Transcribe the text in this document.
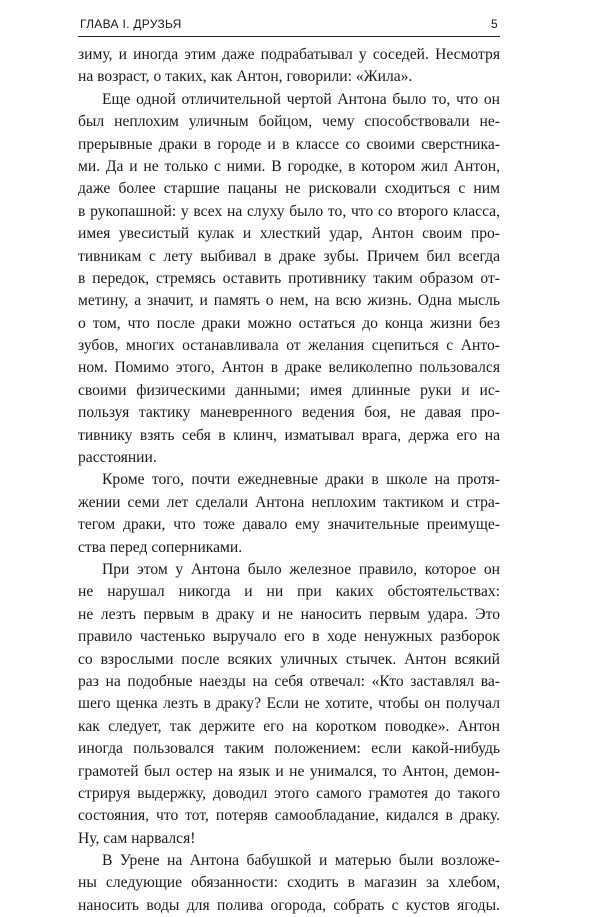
ГЛАВА I. ДРУЗЬЯ	5
зиму, и иногда этим даже подрабатывал у соседей. Несмотря
на возраст, о таких, как Антон, говорили: «Жила».
Еще одной отличительной чертой Антона было то, что он
был неплохим уличным бойцом, чему способствовали не-
прерывные драки в городе и в классе со своими сверстника-
ми. Да и не только с ними. В городке, в котором жил Антон,
даже более старшие пацаны не рисковали сходиться с ним
в рукопашной: у всех на слуху было то, что со второго класса,
имея увесистый кулак и хлесткий удар, Антон своим про-
тивникам с лету выбивал в драке зубы. Причем бил всегда
в передок, стремясь оставить противнику таким образом от-
метину, а значит, и память о нем, на всю жизнь. Одна мысль
о том, что после драки можно остаться до конца жизни без
зубов, многих останавливала от желания сцепиться с Анто-
ном. Помимо этого, Антон в драке великолепно пользовался
своими физическими данными; имея длинные руки и ис-
пользуя тактику маневренного ведения боя, не давая про-
тивнику взять себя в клинч, изматывал врага, держа его на
расстоянии.
Кроме того, почти ежедневные драки в школе на протя-
жении семи лет сделали Антона неплохим тактиком и стра-
тегом драки, что тоже давало ему значительные преимуще-
ства перед соперниками.
При этом у Антона было железное правило, которое он
не нарушал никогда и ни при каких обстоятельствах:
не лезть первым в драку и не наносить первым удара. Это
правило частенько выручало его в ходе ненужных разборок
со взрослыми после всяких уличных стычек. Антон всякий
раз на подобные наезды на себя отвечал: «Кто заставлял ва-
шего щенка лезть в драку? Если не хотите, чтобы он получал
как следует, так держите его на коротком поводке». Антон
иногда пользовался таким положением: если какой-нибудь
грамотей был остер на язык и не унимался, то Антон, демон-
стрируя выдержку, доводил этого самого грамотея до такого
состояния, что тот, потеряв самообладание, кидался в драку.
Ну, сам нарвался!
В Урене на Антона бабушкой и матерью были возложе-
ны следующие обязанности: сходить в магазин за хлебом,
наносить воды для полива огорода, собрать с кустов ягоды.
